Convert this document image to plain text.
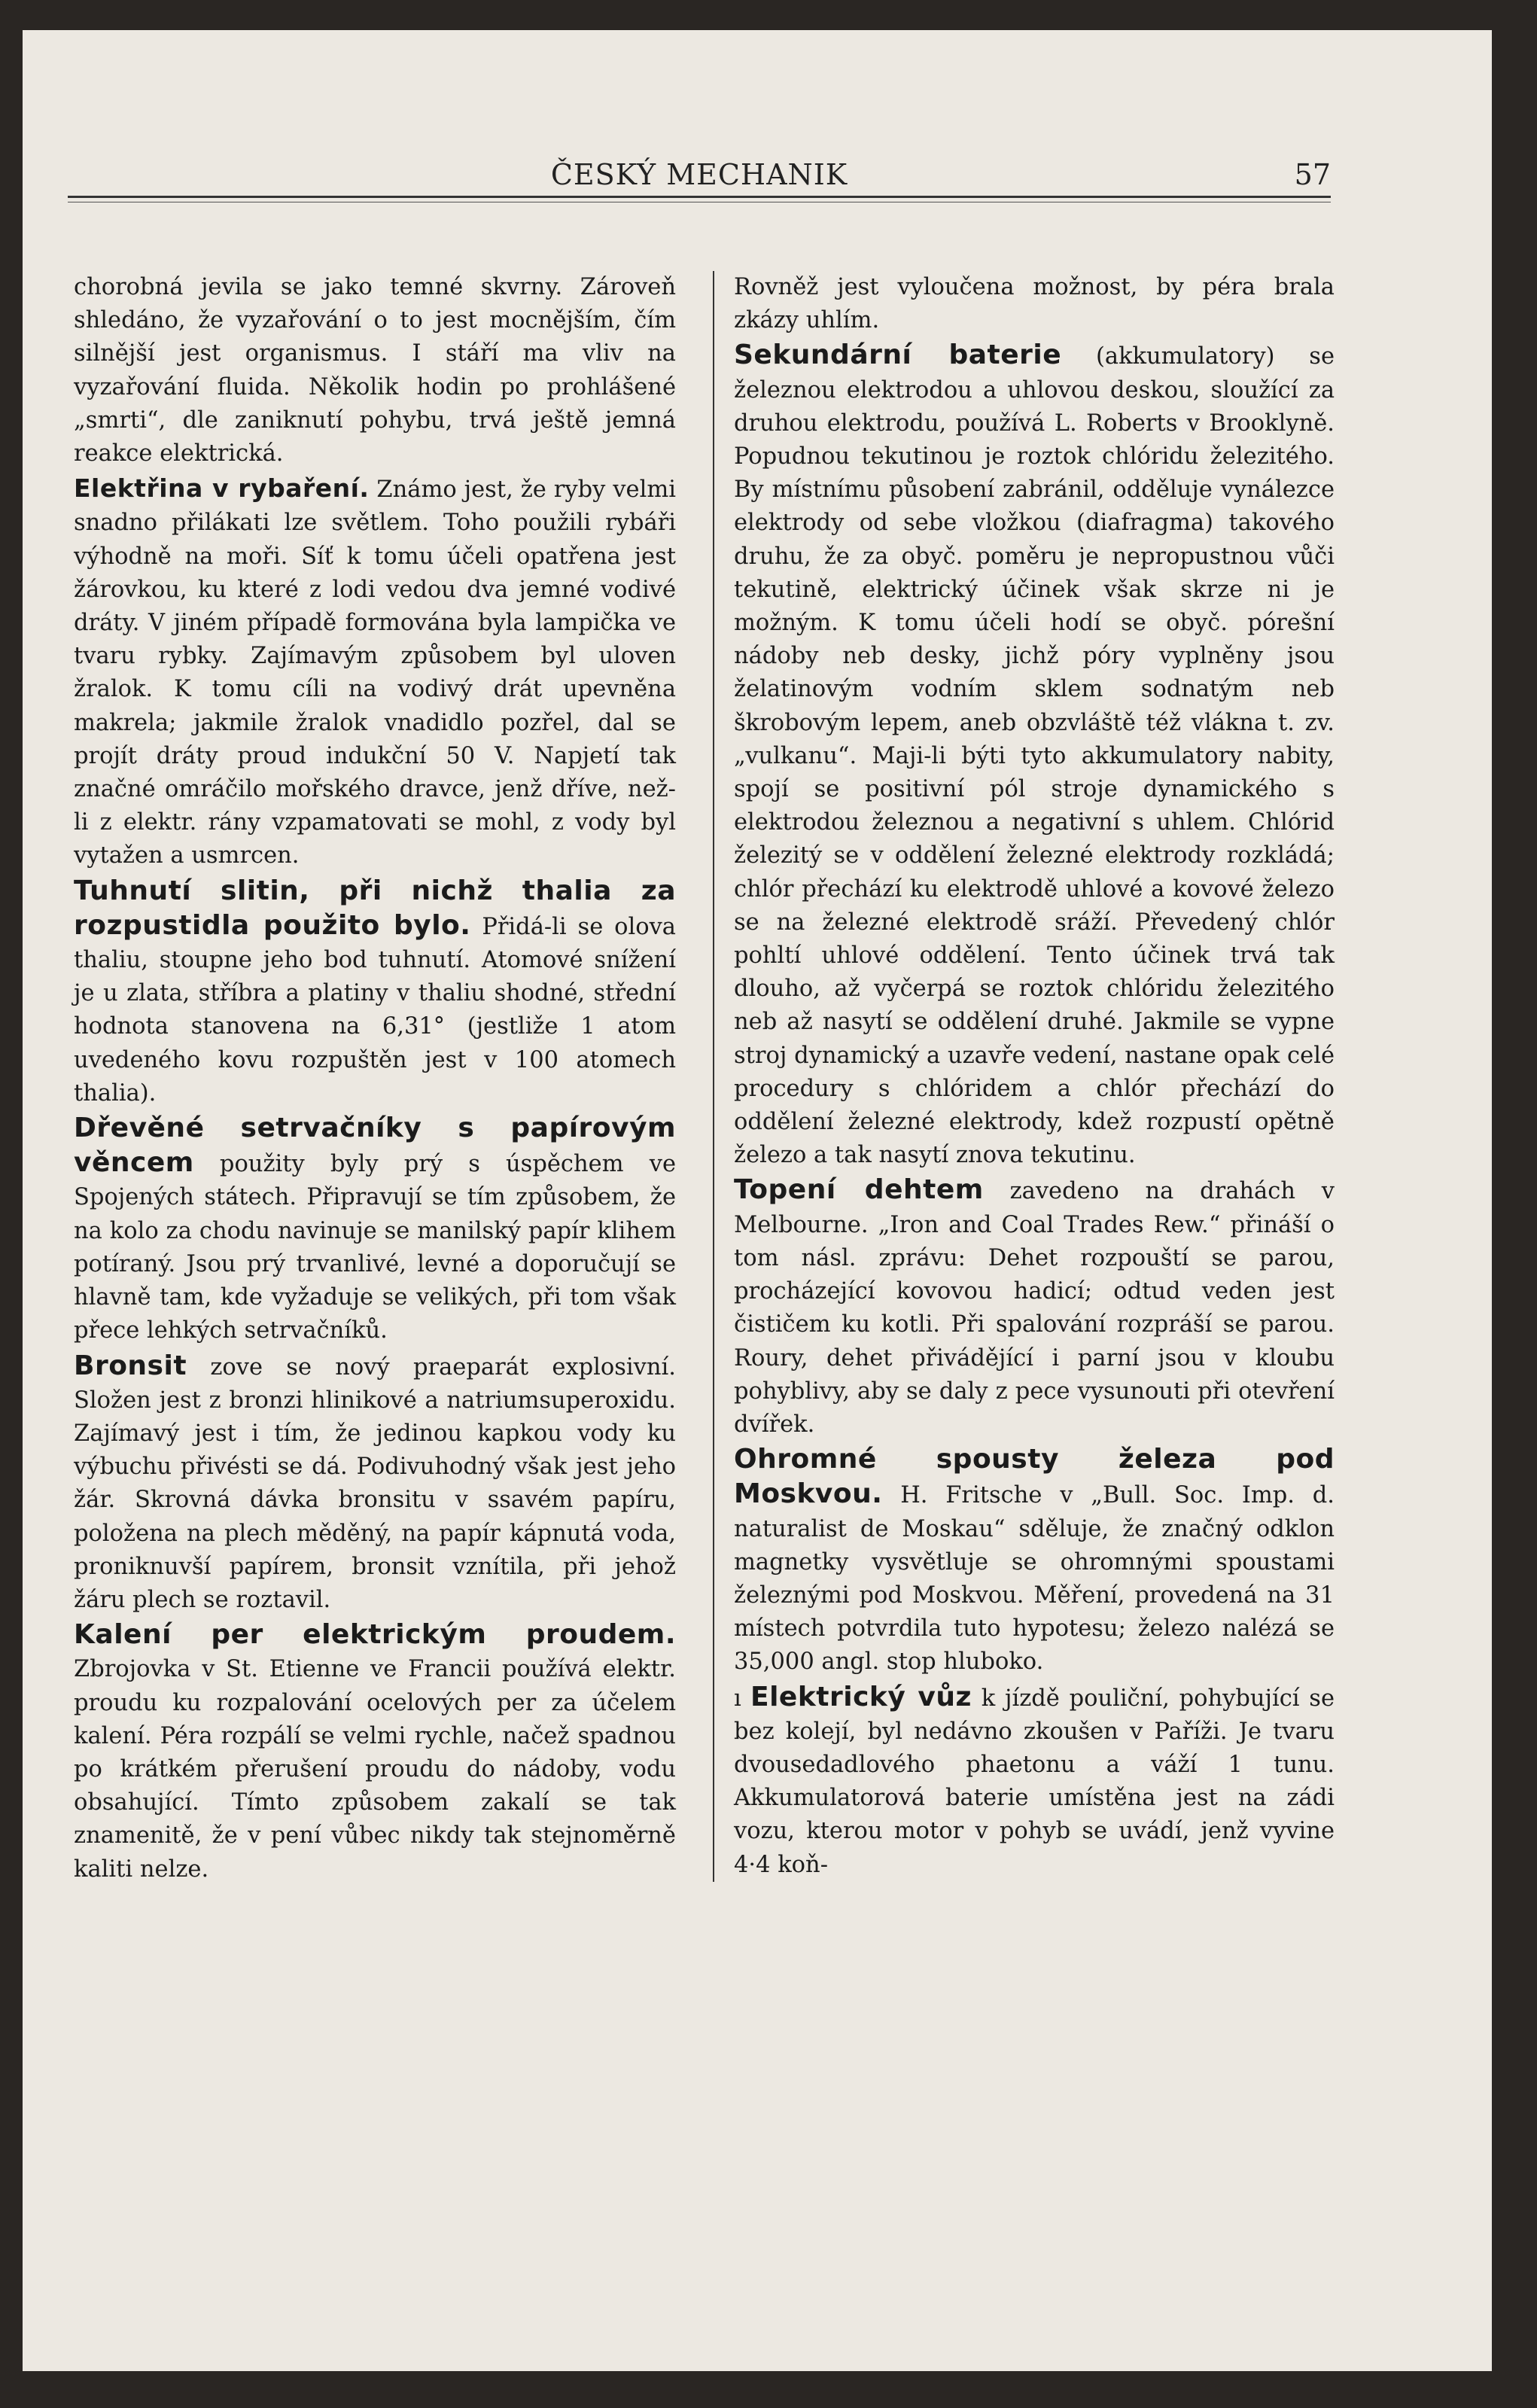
ČESKÝ MECHANIK	57

chorobná jevila se jako temné skvrny. Zároveň shledáno, že vyzařování o to jest mocnějším, čím silnější jest organismus. I stáří ma vliv na vyzařování fluida. Několik hodin po prohlášené „smrti“, dle zaniknutí pohybu, trvá ještě jemná reakce elektrická.

Elektřina v rybaření. Známo jest, že ryby velmi snadno přilákati lze světlem. Toho použili rybáři výhodně na moři. Síť k tomu účeli opatřena jest žárovkou, ku které z lodi vedou dva jemné vodivé dráty. V jiném případě formována byla lampička ve tvaru rybky. Zajímavým způsobem byl uloven žralok. K tomu cíli na vodivý drát upevněna makrela; jakmile žralok vnadidlo pozřel, dal se projít dráty proud indukční 50 V. Napjetí tak značné omráčilo mořského dravce, jenž dříve, než-li z elektr. rány vzpamatovati se mohl, z vody byl vytažen a usmrcen.

Tuhnutí slitin, při nichž thalia za rozpustidla použito bylo. Přidá-li se olova thaliu, stoupne jeho bod tuhnutí. Atomové snížení je u zlata, stříbra a platiny v thaliu shodné, střední hodnota stanovena na 6,31° (jestliže 1 atom uvedeného kovu rozpuštěn jest v 100 atomech thalia).

Dřevěné setrvačníky s papírovým věncem použity byly prý s úspěchem ve Spojených státech. Připravují se tím způsobem, že na kolo za chodu navinuje se manilský papír klihem potíraný. Jsou prý trvanlivé, levné a doporučují se hlavně tam, kde vyžaduje se velikých, při tom však přece lehkých setrvačníků.

Bronsit zove se nový praeparát explosivní. Složen jest z bronzi hlinikové a natriumsuperoxidu. Zajímavý jest i tím, že jedinou kapkou vody ku výbuchu přivésti se dá. Podivuhodný však jest jeho žár. Skrovná dávka bronsitu v ssavém papíru, položena na plech měděný, na papír kápnutá voda, proniknuvší papírem, bronsit vznítila, při jehož žáru plech se roztavil.

Kalení per elektrickým proudem. Zbrojovka v St. Etienne ve Francii používá elektr. proudu ku rozpalování ocelových per za účelem kalení. Péra rozpálí se velmi rychle, načež spadnou po krátkém přerušení proudu do nádoby, vodu obsahující. Tímto způsobem zakalí se tak znamenitě, že v pení vůbec nikdy tak stejnoměrně kaliti nelze.

Rovněž jest vyloučena možnost, by péra brala zkázy uhlím.

Sekundární baterie (akkumulatory) se železnou elektrodou a uhlovou deskou, sloužící za druhou elektrodu, používá L. Roberts v Brooklyně. Popudnou tekutinou je roztok chlóridu železitého. By místnímu působení zabránil, odděluje vynálezce elektrody od sebe vložkou (diafragma) takového druhu, že za obyč. poměru je nepropustnou vůči tekutině, elektrický účinek však skrze ni je možným. K tomu účeli hodí se obyč. pórešní nádoby neb desky, jichž póry vyplněny jsou želatinovým vodním sklem sodnatým neb škrobovým lepem, aneb obzvláště též vlákna t. zv. „vulkanu“. Maji-li býti tyto akkumulatory nabity, spojí se positivní pól stroje dynamického s elektrodou železnou a negativní s uhlem. Chlórid železitý se v oddělení železné elektrody rozkládá; chlór přechází ku elektrodě uhlové a kovové železo se na železné elektrodě sráží. Převedený chlór pohltí uhlové oddělení. Tento účinek trvá tak dlouho, až vyčerpá se roztok chlóridu železitého neb až nasytí se oddělení druhé. Jakmile se vypne stroj dynamický a uzavře vedení, nastane opak celé procedury s chlóridem a chlór přechází do oddělení železné elektrody, kdež rozpustí opětně železo a tak nasytí znova tekutinu.

Topení dehtem zavedeno na drahách v Melbourne. „Iron and Coal Trades Rew.“ přináší o tom násl. zprávu: Dehet rozpouští se parou, procházející kovovou hadicí; odtud veden jest čističem ku kotli. Při spalování rozpráší se parou. Roury, dehet přivádějící i parní jsou v kloubu pohyblivy, aby se daly z pece vysunouti při otevření dvířek.

Ohromné spousty železa pod Moskvou. H. Fritsche v „Bull. Soc. Imp. d. naturalist de Moskau“ sděluje, že značný odklon magnetky vysvětluje se ohromnými spoustami železnými pod Moskvou. Měření, provedená na 31 místech potvrdila tuto hypotesu; železo nalézá se 35,000 angl. stop hluboko.

ı Elektrický vůz k jízdě pouliční, pohybující se bez kolejí, byl nedávno zkoušen v Paříži. Je tvaru dvousedadlového phaetonu a váží 1 tunu. Akkumulatorová baterie umístěna jest na zádi vozu, kterou motor v pohyb se uvádí, jenž vyvine 4·4 koň-
